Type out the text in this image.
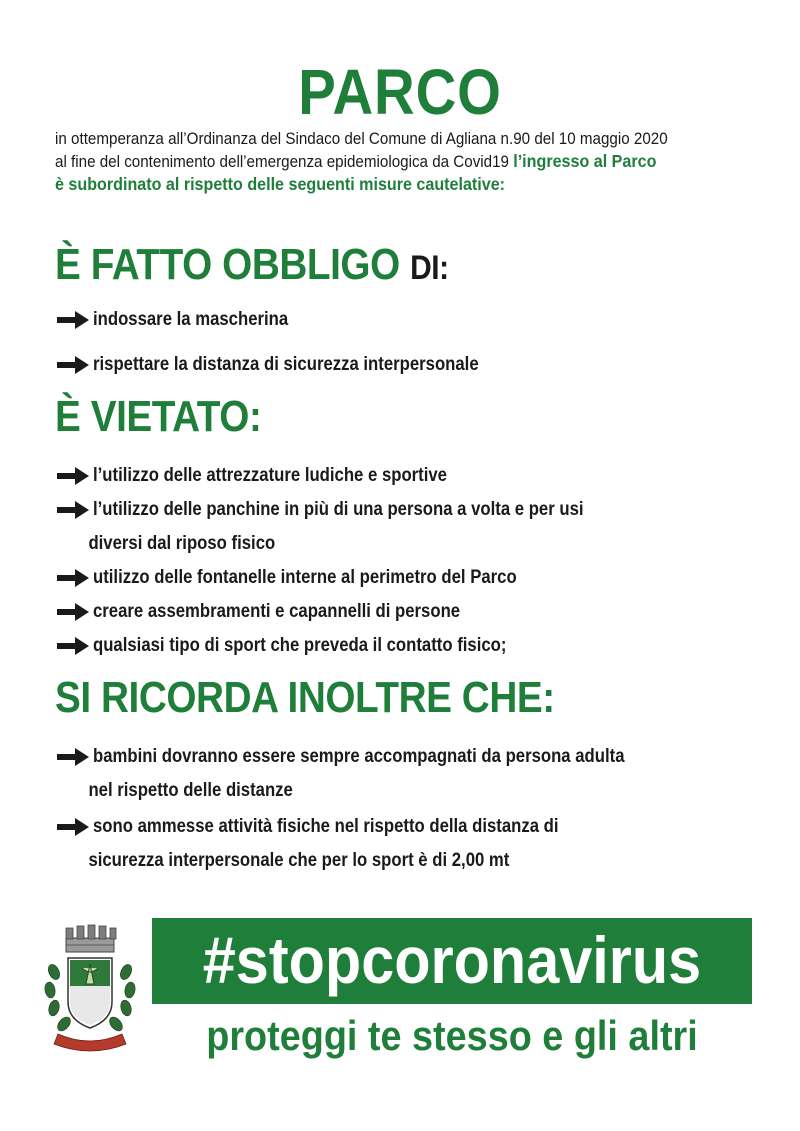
PARCO
in ottemperanza all’Ordinanza del Sindaco del Comune di Agliana n.90 del 10 maggio 2020
al fine del contenimento dell’emergenza epidemiologica da Covid19 l’ingresso al Parco
è subordinato al rispetto delle seguenti misure cautelative:
È FATTO OBBLIGO DI:
indossare la mascherina
rispettare la distanza di sicurezza interpersonale
È VIETATO:
l’utilizzo delle attrezzature ludiche e sportive
l’utilizzo delle panchine in più di una persona a volta e per usi
diversi dal riposo fisico
utilizzo delle fontanelle interne al perimetro del Parco
creare assembramenti e capannelli di persone
qualsiasi tipo di sport che preveda il contatto fisico;
SI RICORDA INOLTRE CHE:
bambini dovranno essere sempre accompagnati da persona adulta
nel rispetto delle distanze
sono ammesse attività fisiche nel rispetto della distanza di
sicurezza interpersonale che per lo sport è di 2,00 mt
#stopcoronavirus
proteggi te stesso e gli altri
